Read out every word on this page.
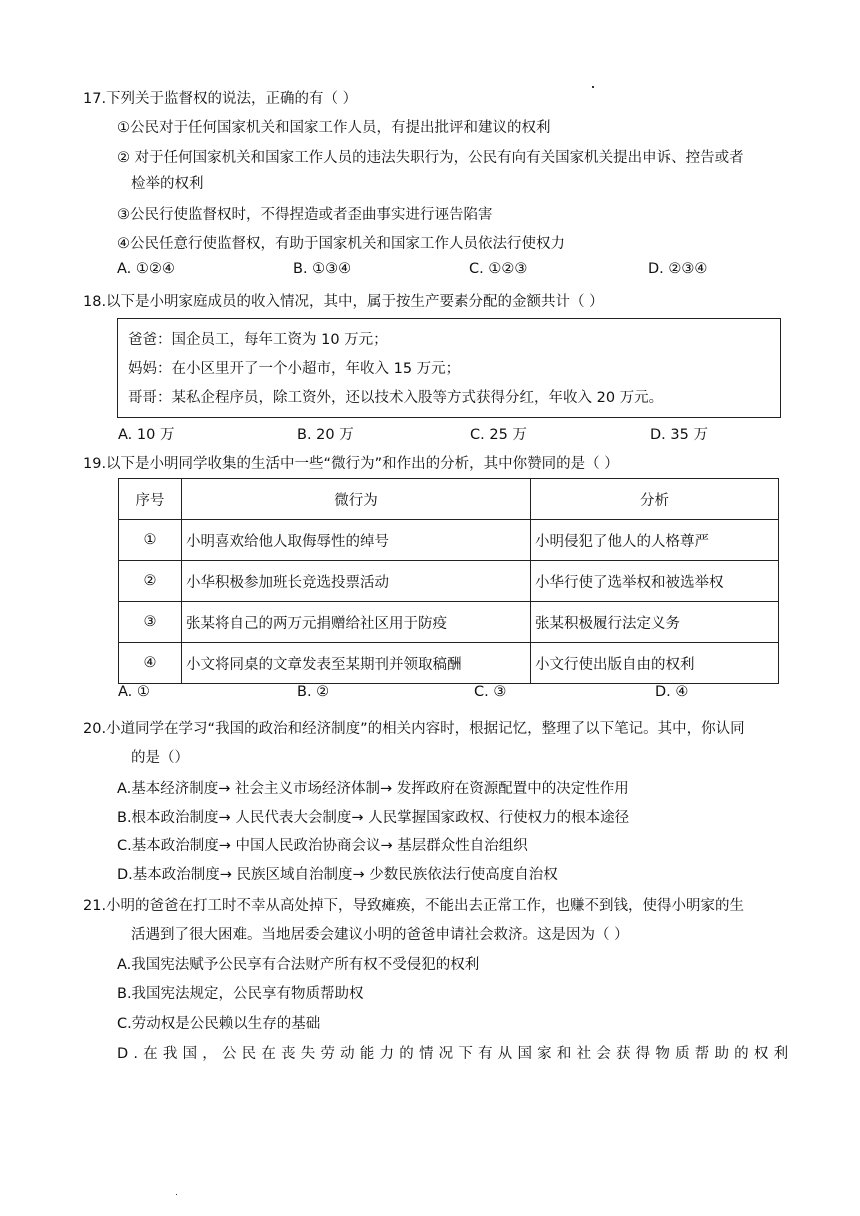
17.下列关于监督权的说法，正确的有（ ）
①公民对于任何国家机关和国家工作人员，有提出批评和建议的权利
② 对于任何国家机关和国家工作人员的违法失职行为，公民有向有关国家机关提出申诉、控告或者
检举的权利
③公民行使监督权时，不得捏造或者歪曲事实进行诬告陷害
④公民任意行使监督权，有助于国家机关和国家工作人员依法行使权力
A. ①②④	B. ①③④	C. ①②③	D. ②③④
18.以下是小明家庭成员的收入情况，其中，属于按生产要素分配的金额共计（ ）
爸爸：国企员工，每年工资为 10 万元；
妈妈：在小区里开了一个小超市，年收入 15 万元；
哥哥：某私企程序员，除工资外，还以技术入股等方式获得分红，年收入 20 万元。
A. 10 万	B. 20 万	C. 25 万	D. 35 万
19.以下是小明同学收集的生活中一些“微行为”和作出的分析，其中你赞同的是（ ）
序号	微行为	分析
①	小明喜欢给他人取侮辱性的绰号	小明侵犯了他人的人格尊严
②	小华积极参加班长竞选投票活动	小华行使了选举权和被选举权
③	张某将自己的两万元捐赠给社区用于防疫	张某积极履行法定义务
④	小文将同桌的文章发表至某期刊并领取稿酬	小文行使出版自由的权利
A. ①	B. ②	C. ③	D. ④
20.小道同学在学习“我国的政治和经济制度”的相关内容时，根据记忆，整理了以下笔记。其中，你认同
的是（）
A.基本经济制度→ 社会主义市场经济体制→ 发挥政府在资源配置中的决定性作用
B.根本政治制度→ 人民代表大会制度→ 人民掌握国家政权、行使权力的根本途径
C.基本政治制度→ 中国人民政治协商会议→ 基层群众性自治组织
D.基本政治制度→ 民族区域自治制度→ 少数民族依法行使高度自治权
21.小明的爸爸在打工时不幸从高处掉下，导致瘫痪，不能出去正常工作，也赚不到钱，使得小明家的生
活遇到了很大困难。当地居委会建议小明的爸爸申请社会救济。这是因为（ ）
A.我国宪法赋予公民享有合法财产所有权不受侵犯的权利
B.我国宪法规定，公民享有物质帮助权
C.劳动权是公民赖以生存的基础
D.在我国，公民在丧失劳动能力的情况下有从国家和社会获得物质帮助的权利
